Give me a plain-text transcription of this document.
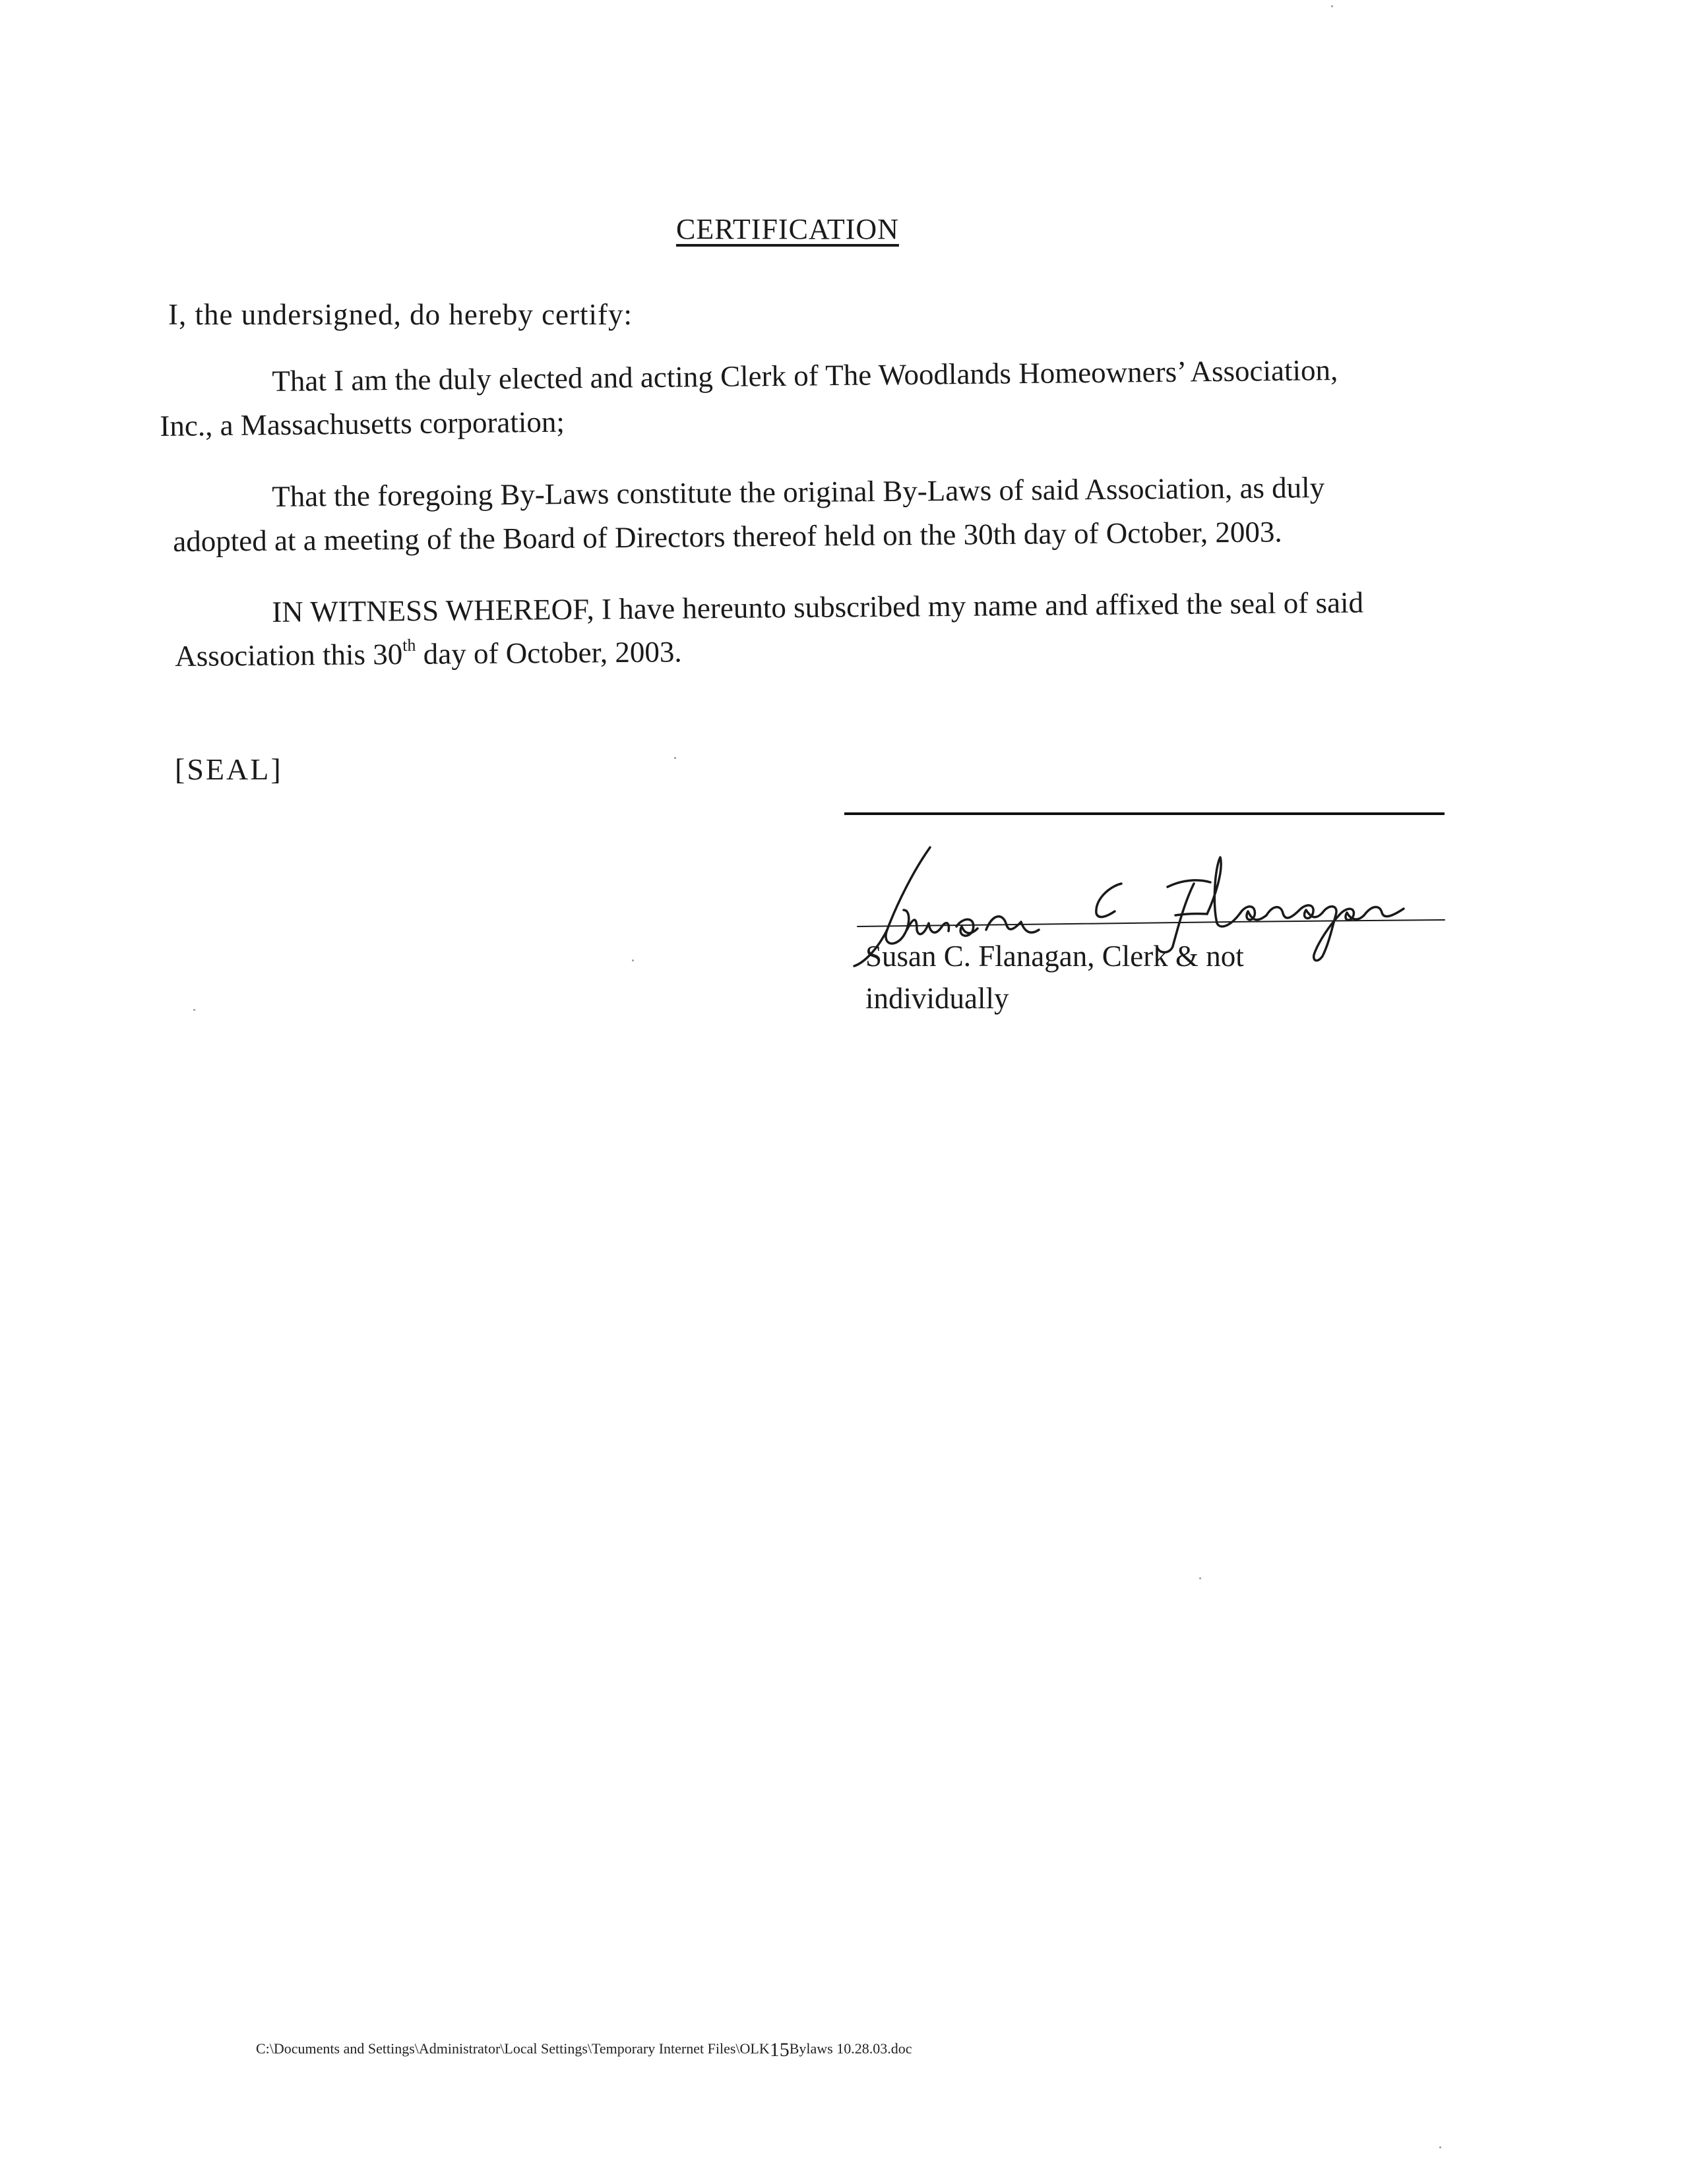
CERTIFICATION
I, the undersigned, do hereby certify:
That I am the duly elected and acting Clerk of The Woodlands Homeowners’ Association,
Inc., a Massachusetts corporation;
That the foregoing By-Laws constitute the original By-Laws of said Association, as duly
adopted at a meeting of the Board of Directors thereof held on the 30th day of October, 2003.
IN WITNESS WHEREOF, I have hereunto subscribed my name and affixed the seal of said
Association this 30th day of October, 2003.
[SEAL]
Susan C. Flanagan, Clerk & not
individually
C:\Documents and Settings\Administrator\Local Settings\Temporary Internet Files\OLK15Bylaws 10.28.03.doc
